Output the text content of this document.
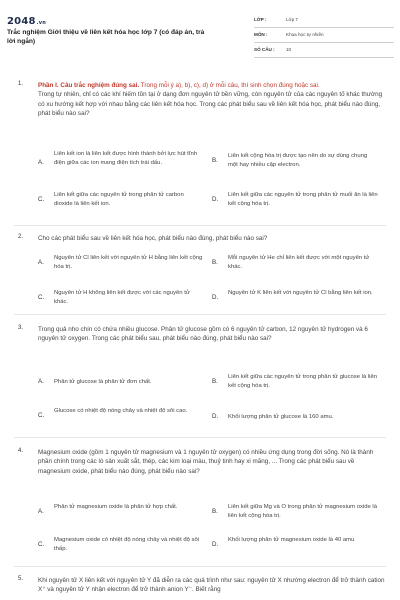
2048.vn
Trắc nghiệm Giới thiệu về liên kết hóa học lớp 7 (có đáp án, trả lời ngắn)
LỚP :	Lớp 7
MÔN :	Khoa học tự nhiên
SỐ CÂU : 10
1. Phần I. Câu trắc nghiệm đúng sai. Trong mỗi ý a), b), c), d) ở mỗi câu, thí sinh chọn đúng hoặc sai.
Trong tự nhiên, chỉ có các khí hiếm tồn tại ở dạng đơn nguyên tử bền vững, còn nguyên tử của các nguyên tố khác thường có xu hướng kết hợp với nhau bằng các liên kết hóa học. Trong các phát biểu sau về liên kết hóa học, phát biểu nào đúng, phát biểu nào sai?
A.
Liên kết ion là liên kết được hình thành bởi lực hút tĩnh điện giữa các ion mang điện tích trái dấu.	B.
Liên kết cộng hóa trị được tạo nên do sự dùng chung một hay nhiều cặp electron.
C.
Liên kết giữa các nguyên tử trong phân tử carbon dioxide là liên kết ion.
D.
Liên kết giữa các nguyên tử trong phân tử muối ăn là liên kết cộng hóa trị.
2. Cho các phát biểu sau về liên kết hóa học, phát biểu nào đúng, phát biểu nào sai?
A.
Nguyên tử Cl liên kết với nguyên tử H bằng liên kết cộng hóa trị.
B.
Mỗi nguyên tử He chỉ liên kết được với một nguyên tử khác.
C.
Nguyên tử H không liên kết được với các nguyên tử khác.
D.
Nguyên tử K liên kết với nguyên tử Cl bằng liên kết ion.
3. Trong quả nho chín có chứa nhiều glucose. Phân tử glucose gồm có 6 nguyên tử carbon, 12 nguyên tử hydrogen và 6 nguyên tử oxygen. Trong các phát biểu sau, phát biểu nào đúng, phát biểu nào sai?
A. Phân tử glucose là phân tử đơn chất.	B.
Liên kết giữa các nguyên tử trong phân tử glucose là liên kết cộng hóa trị.
C.
Glucose có nhiệt độ nóng chảy và nhiệt độ sôi cao.
D. Khối lượng phân tử glucose là 160 amu.
4. Magnesium oxide (gồm 1 nguyên tử magnesium và 1 nguyên tử oxygen) có nhiều ứng dụng trong đời sống. Nó là thành phần chính trong các lò sản xuất sắt, thép, các kim loại màu, thuỷ tinh hay xi măng, ... Trong các phát biểu sau về magnesium oxide, phát biểu nào đúng, phát biểu nào sai?
A.
Phân tử magnesium oxide là phân tử hợp chất.
B.
Liên kết giữa Mg và O trong phân tử magnesium oxide là liên kết cộng hóa trị.
C.
Magnesium oxide có nhiệt độ nóng chảy và nhiệt độ sôi thấp.
D.
Khối lượng phân tử magnesium oxide là 40 amu
5. Khi nguyên tử X liên kết với nguyên tử Y đã diễn ra các quá trình như sau: nguyên tử X nhường electron để trở thành cation X⁺ và nguyên tử Y nhận electron để trở thành anion Y⁻. Biết rằng
